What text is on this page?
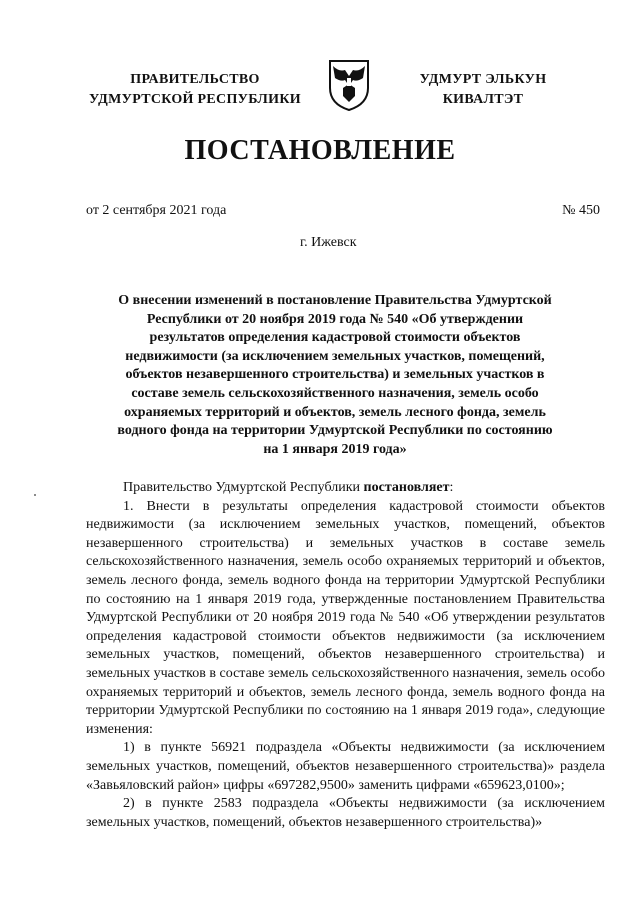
ПРАВИТЕЛЬСТВО
УДМУРТСКОЙ РЕСПУБЛИКИ
УДМУРТ ЭЛЬКУН
КИВАЛТЭТ
ПОСТАНОВЛЕНИЕ
от 2 сентября 2021 года	№ 450
г. Ижевск
О внесении изменений в постановление Правительства Удмуртской Республики от 20 ноября 2019 года № 540 «Об утверждении результатов определения кадастровой стоимости объектов недвижимости (за исключением земельных участков, помещений, объектов незавершенного строительства) и земельных участков в составе земель сельскохозяйственного назначения, земель особо охраняемых территорий и объектов, земель лесного фонда, земель водного фонда на территории Удмуртской Республики по состоянию на 1 января 2019 года»

Правительство Удмуртской Республики постановляет:

1. Внести в результаты определения кадастровой стоимости объектов недвижимости (за исключением земельных участков, помещений, объектов незавершенного строительства) и земельных участков в составе земель сельскохозяйственного назначения, земель особо охраняемых территорий и объектов, земель лесного фонда, земель водного фонда на территории Удмуртской Республики по состоянию на 1 января 2019 года, утвержденные постановлением Правительства Удмуртской Республики от 20 ноября 2019 года № 540 «Об утверждении результатов определения кадастровой стоимости объектов недвижимости (за исключением земельных участков, помещений, объектов незавершенного строительства) и земельных участков в составе земель сельскохозяйственного назначения, земель особо охраняемых территорий и объектов, земель лесного фонда, земель водного фонда на территории Удмуртской Республики по состоянию на 1 января 2019 года», следующие изменения:

1) в пункте 56921 подраздела «Объекты недвижимости (за исключением земельных участков, помещений, объектов незавершенного строительства)» раздела «Завьяловский район» цифры «697282,9500» заменить цифрами «659623,0100»;

2) в пункте 2583 подраздела «Объекты недвижимости (за исключением земельных участков, помещений, объектов незавершенного строительства)»
